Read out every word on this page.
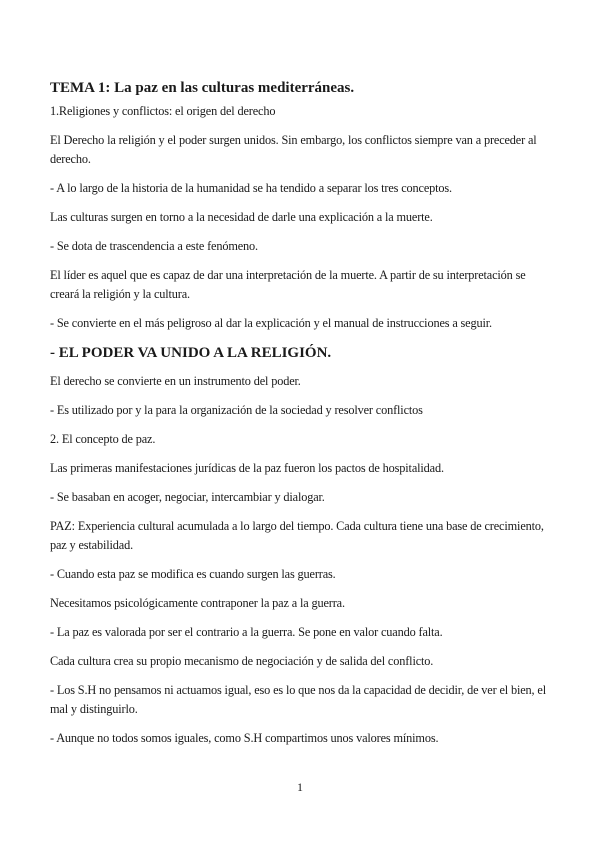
TEMA 1: La paz en las culturas mediterráneas.
1.Religiones y conflictos: el origen del derecho
El Derecho la religión y el poder surgen unidos. Sin embargo, los conflictos siempre van a preceder al derecho.
- A lo largo de la historia de la humanidad se ha tendido a separar los tres conceptos.
Las culturas surgen en torno a la necesidad de darle una explicación a la muerte.
- Se dota de trascendencia a este fenómeno.
El líder es aquel que es capaz de dar una interpretación de la muerte. A partir de su interpretación se creará la religión y la cultura.
- Se convierte en el más peligroso al dar la explicación y el manual de instrucciones a seguir.
- EL PODER VA UNIDO A LA RELIGIÓN.
El derecho se convierte en un instrumento del poder.
- Es utilizado por y la para la organización de la sociedad y resolver conflictos
2. El concepto de paz.
Las primeras manifestaciones jurídicas de la paz fueron los pactos de hospitalidad.
- Se basaban en acoger, negociar, intercambiar y dialogar.
PAZ: Experiencia cultural acumulada a lo largo del tiempo. Cada cultura tiene una base de crecimiento, paz y estabilidad.
- Cuando esta paz se modifica es cuando surgen las guerras.
Necesitamos psicológicamente contraponer la paz a la guerra.
- La paz es valorada por ser el contrario a la guerra. Se pone en valor cuando falta.
Cada cultura crea su propio mecanismo de negociación y de salida del conflicto.
- Los S.H no pensamos ni actuamos igual, eso es lo que nos da la capacidad de decidir, de ver el bien, el mal y distinguirlo.
- Aunque no todos somos iguales, como S.H compartimos unos valores mínimos.
1
